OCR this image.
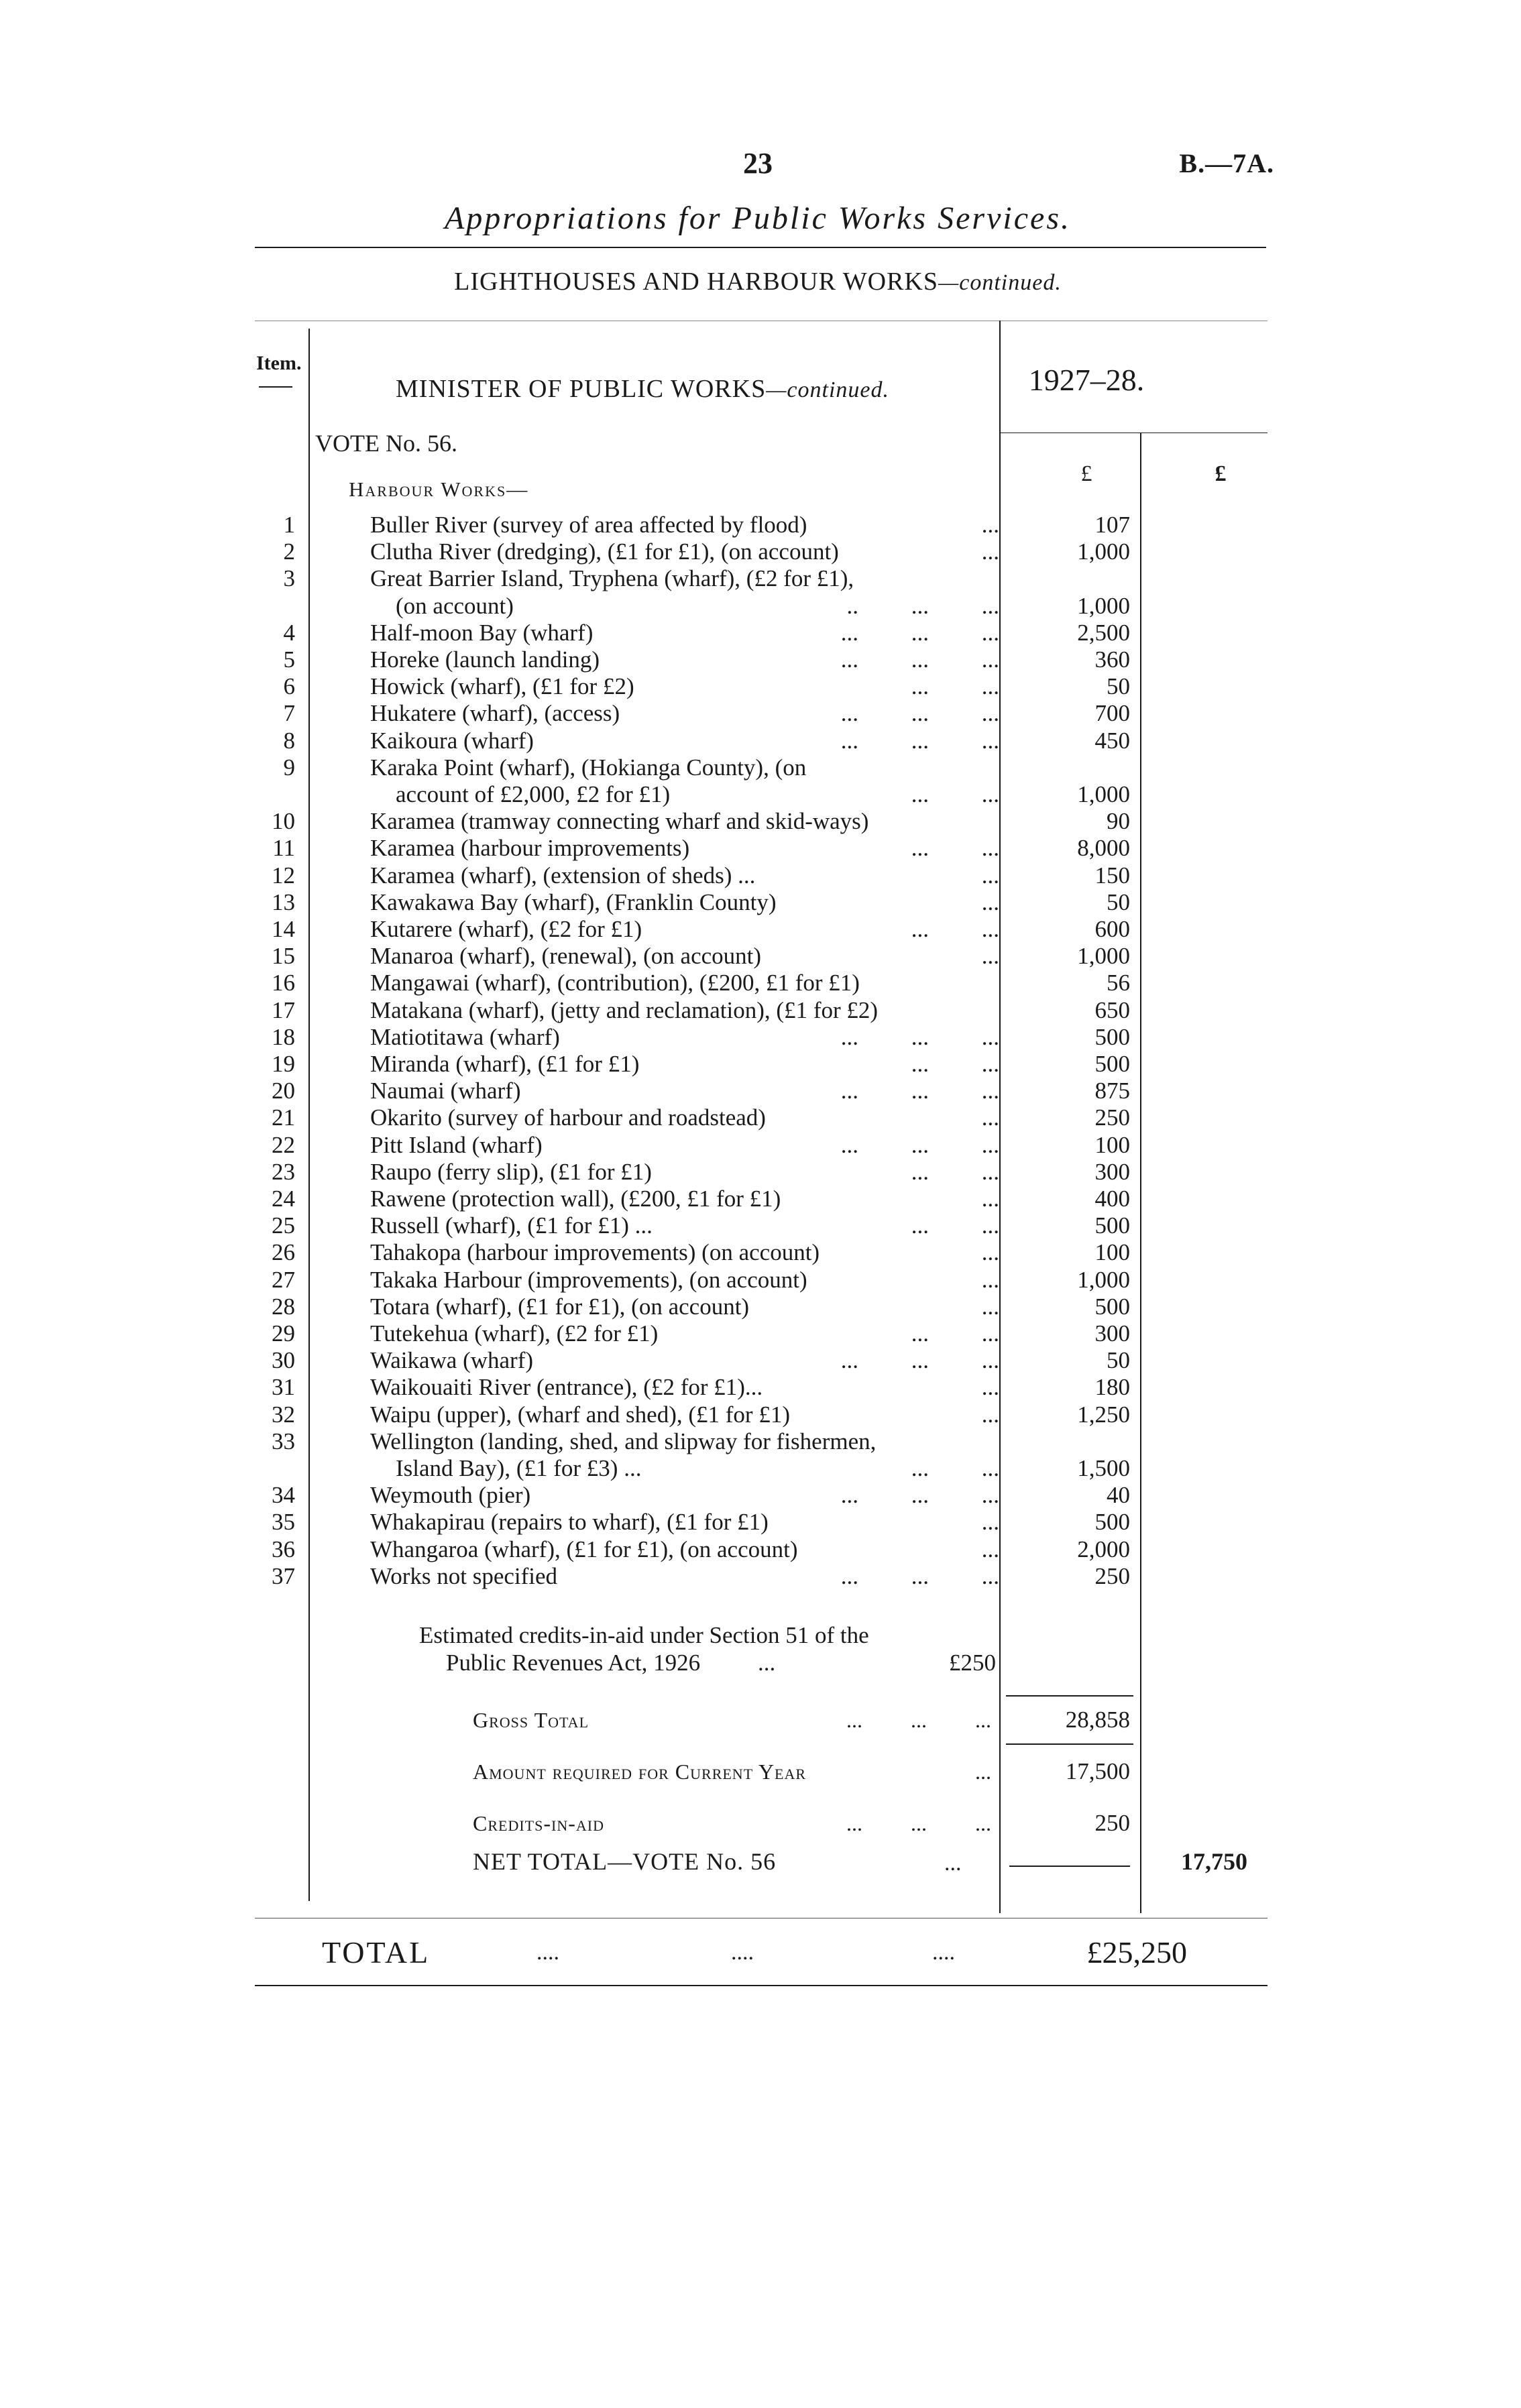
23	B.—7A.
Appropriations for Public Works Services.
LIGHTHOUSES AND HARBOUR WORKS—continued.
Item.
MINISTER OF PUBLIC WORKS—continued.	1927–28.
VOTE No. 56.
£	£
Harbour Works—
1	Buller River (survey of area affected by flood)	...	107
2	Clutha River (dredging), (£1 for £1), (on account)	...	1,000
3	Great Barrier Island, Tryphena (wharf), (£2 for £1),
(on account)	..         ...         ...	1,000
4	Half-moon Bay (wharf)	...         ...         ...	2,500
5	Horeke (launch landing)	...         ...         ...	360
6	Howick (wharf), (£1 for £2)	...         ...	50
7	Hukatere (wharf), (access)	...         ...         ...	700
8	Kaikoura (wharf)	...         ...         ...	450
9	Karaka Point (wharf), (Hokianga County), (on
account of £2,000, £2 for £1)	...         ...	1,000
10	Karamea (tramway connecting wharf and skid-ways)	90
11	Karamea (harbour improvements)	...         ...	8,000
12	Karamea (wharf), (extension of sheds) ...	...	150
13	Kawakawa Bay (wharf), (Franklin County)	...	50
14	Kutarere (wharf), (£2 for £1)	...         ...	600
15	Manaroa (wharf), (renewal), (on account)	...	1,000
16	Mangawai (wharf), (contribution), (£200, £1 for £1)	56
17	Matakana (wharf), (jetty and reclamation), (£1 for £2)	650
18	Matiotitawa (wharf)	...         ...         ...	500
19	Miranda (wharf), (£1 for £1)	...         ...	500
20	Naumai (wharf)	...         ...         ...	875
21	Okarito (survey of harbour and roadstead)	...	250
22	Pitt Island (wharf)	...         ...         ...	100
23	Raupo (ferry slip), (£1 for £1)	...         ...	300
24	Rawene (protection wall), (£200, £1 for £1)	...	400
25	Russell (wharf), (£1 for £1) ...	...         ...	500
26	Tahakopa (harbour improvements) (on account)	...	100
27	Takaka Harbour (improvements), (on account)	...	1,000
28	Totara (wharf), (£1 for £1), (on account)	...	500
29	Tutekehua (wharf), (£2 for £1)	...         ...	300
30	Waikawa (wharf)	...         ...         ...	50
31	Waikouaiti River (entrance), (£2 for £1)...	...	180
32	Waipu (upper), (wharf and shed), (£1 for £1)	...	1,250
33	Wellington (landing, shed, and slipway for fishermen,
Island Bay), (£1 for £3) ...	...         ...	1,500
34	Weymouth (pier)	...         ...         ...	40
35	Whakapirau (repairs to wharf), (£1 for £1)	...	500
36	Whangaroa (wharf), (£1 for £1), (on account)	...	2,000
37	Works not specified	...         ...         ...	250
Estimated credits-in-aid under Section 51 of the
Public Revenues Act, 1926 ...	£250
Gross Total	...         ...         ...	28,858
Amount required for Current Year	...	17,500
Credits-in-aid	...         ...         ...	250
NET TOTAL—VOTE No. 56	...	17,750
TOTAL	....	....	....	£25,250
